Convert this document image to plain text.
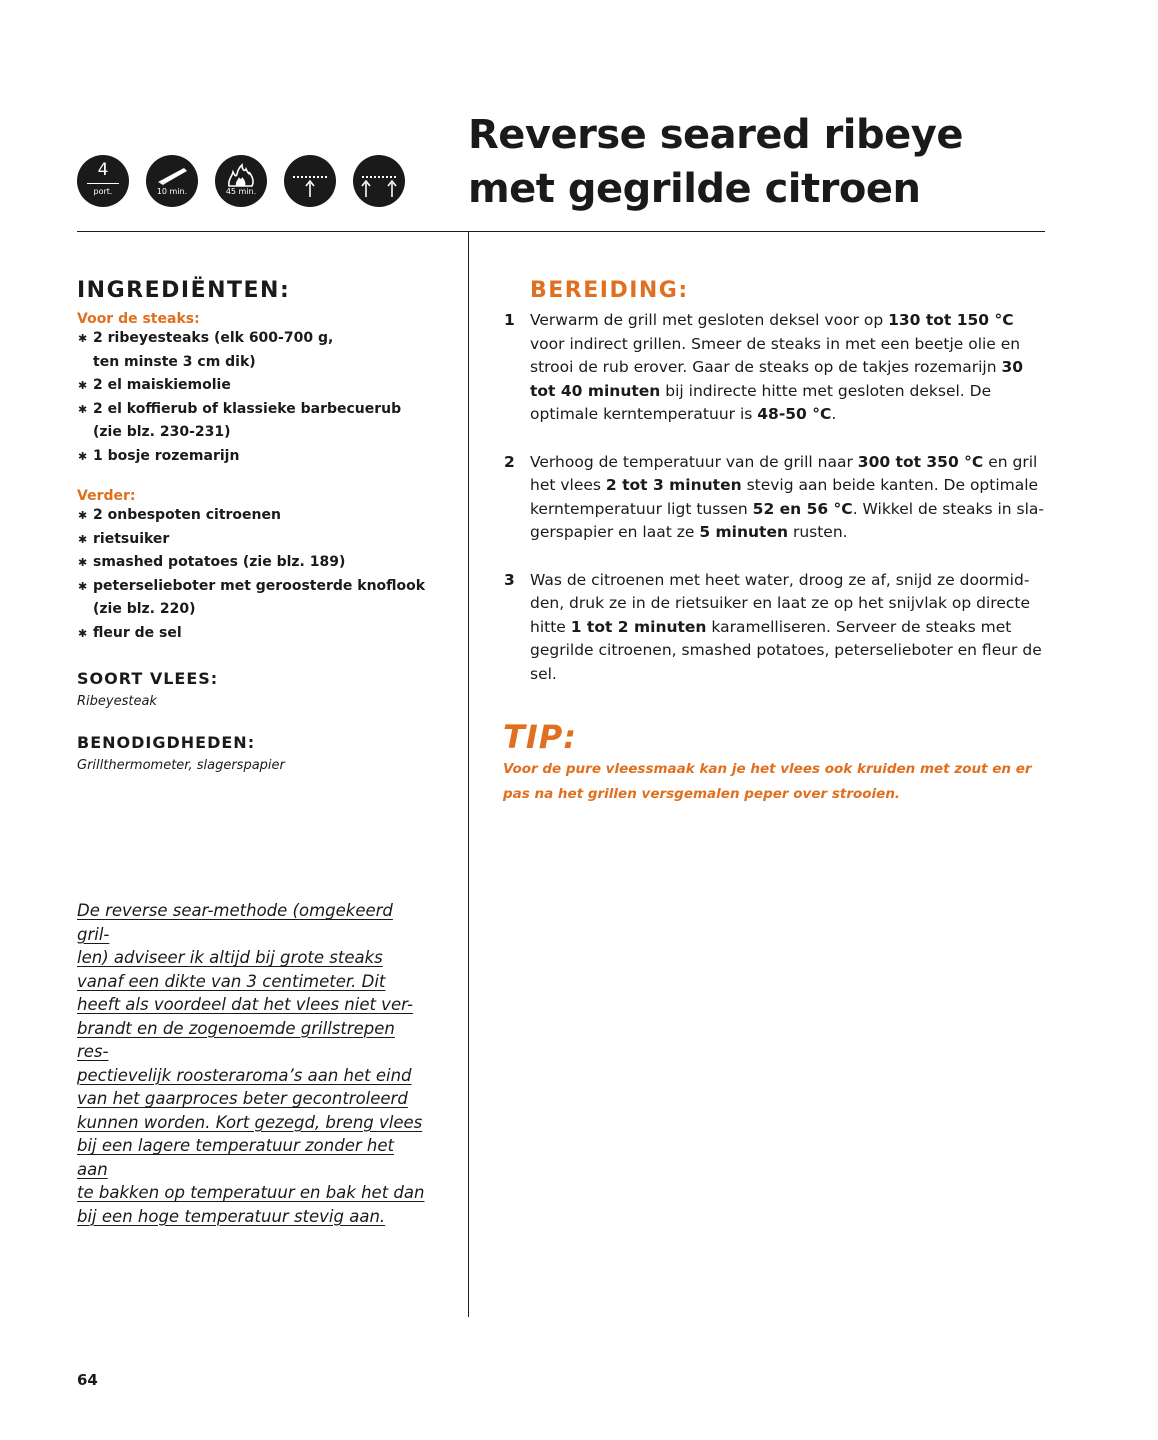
Reverse seared ribeye
met gegrilde citroen
4
port.	10 min.	45 min.
INGREDIËNTEN:
Voor de steaks:
✱ 2 ribeyesteaks (elk 600-700 g,
ten minste 3 cm dik)
✱ 2 el maiskiemolie
✱ 2 el koffierub of klassieke barbecuerub
(zie blz. 230-231)
✱ 1 bosje rozemarijn
Verder:
✱ 2 onbespoten citroenen
✱ rietsuiker
✱ smashed potatoes (zie blz. 189)
✱ peterselieboter met geroosterde knoflook
(zie blz. 220)
✱ fleur de sel
SOORT VLEES:
Ribeyesteak
BENODIGDHEDEN:
Grillthermometer, slagerspapier
De reverse sear-methode (omgekeerd gril-
len) adviseer ik altijd bij grote steaks
vanaf een dikte van 3 centimeter. Dit
heeft als voordeel dat het vlees niet ver-
brandt en de zogenoemde grillstrepen res-
pectievelijk roosteraroma’s aan het eind
van het gaarproces beter gecontroleerd
kunnen worden. Kort gezegd, breng vlees
bij een lagere temperatuur zonder het aan
te bakken op temperatuur en bak het dan
bij een hoge temperatuur stevig aan.
BEREIDING:
1 Verwarm de grill met gesloten deksel voor op 130 tot 150 °C voor indirect grillen. Smeer de steaks in met een beetje olie en strooi de rub erover. Gaar de steaks op de takjes rozemarijn 30 tot 40 minuten bij indirecte hitte met gesloten deksel. De optimale kerntemperatuur is 48-50 °C.
2 Verhoog de temperatuur van de grill naar 300 tot 350 °C en gril het vlees 2 tot 3 minuten stevig aan beide kanten. De optimale kerntemperatuur ligt tussen 52 en 56 °C. Wikkel de steaks in slagerspapier en laat ze 5 minuten rusten.
3 Was de citroenen met heet water, droog ze af, snijd ze doormidden, druk ze in de rietsuiker en laat ze op het snijvlak op directe hitte 1 tot 2 minuten karamelliseren. Serveer de steaks met gegrilde citroenen, smashed potatoes, peterselieboter en fleur de sel.
TIP:
Voor de pure vleessmaak kan je het vlees ook kruiden met zout en er pas na het grillen versgemalen peper over strooien.
64
